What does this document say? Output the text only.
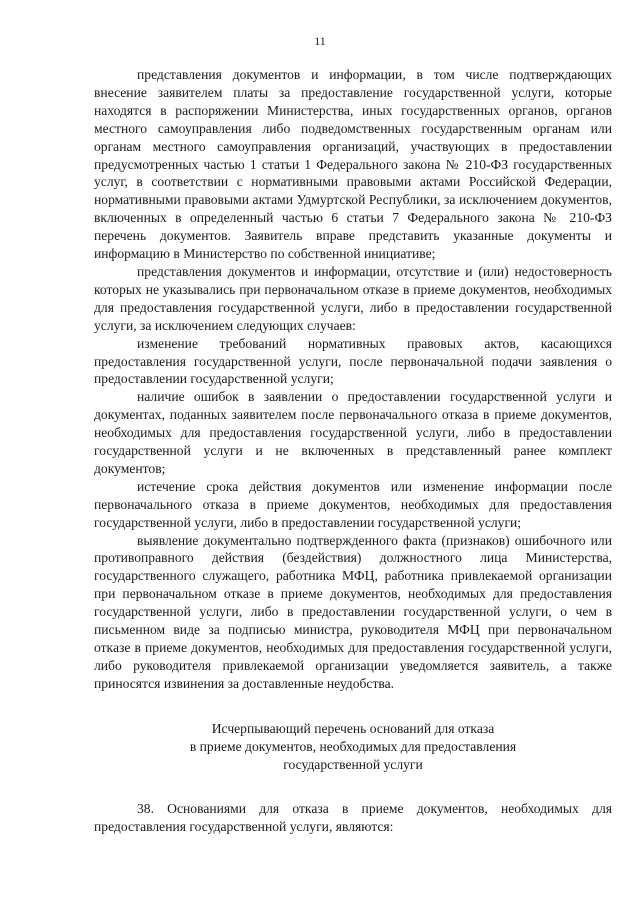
11

представления документов и информации, в том числе подтверждающих внесение заявителем платы за предоставление государственной услуги, которые находятся в распоряжении Министерства, иных государственных органов, органов местного самоуправления либо подведомственных государственным органам или органам местного самоуправления организаций, участвующих в предоставлении предусмотренных частью 1 статьи 1 Федерального закона № 210-ФЗ государственных услуг, в соответствии с нормативными правовыми актами Российской Федерации, нормативными правовыми актами Удмуртской Республики, за исключением документов, включенных в определенный частью 6 статьи 7 Федерального закона № 210-ФЗ перечень документов. Заявитель вправе представить указанные документы и информацию в Министерство по собственной инициативе;

представления документов и информации, отсутствие и (или) недостоверность которых не указывались при первоначальном отказе в приеме документов, необходимых для предоставления государственной услуги, либо в предоставлении государственной услуги, за исключением следующих случаев:

изменение требований нормативных правовых актов, касающихся предоставления государственной услуги, после первоначальной подачи заявления о предоставлении государственной услуги;

наличие ошибок в заявлении о предоставлении государственной услуги и документах, поданных заявителем после первоначального отказа в приеме документов, необходимых для предоставления государственной услуги, либо в предоставлении государственной услуги и не включенных в представленный ранее комплект документов;

истечение срока действия документов или изменение информации после первоначального отказа в приеме документов, необходимых для предоставления государственной услуги, либо в предоставлении государственной услуги;

выявление документально подтвержденного факта (признаков) ошибочного или противоправного действия (бездействия) должностного лица Министерства, государственного служащего, работника МФЦ, работника привлекаемой организации при первоначальном отказе в приеме документов, необходимых для предоставления государственной услуги, либо в предоставлении государственной услуги, о чем в письменном виде за подписью министра, руководителя МФЦ при первоначальном отказе в приеме документов, необходимых для предоставления государственной услуги, либо руководителя привлекаемой организации уведомляется заявитель, а также приносятся извинения за доставленные неудобства.

Исчерпывающий перечень оснований для отказа
в приеме документов, необходимых для предоставления
государственной услуги

38. Основаниями для отказа в приеме документов, необходимых для предоставления государственной услуги, являются:
